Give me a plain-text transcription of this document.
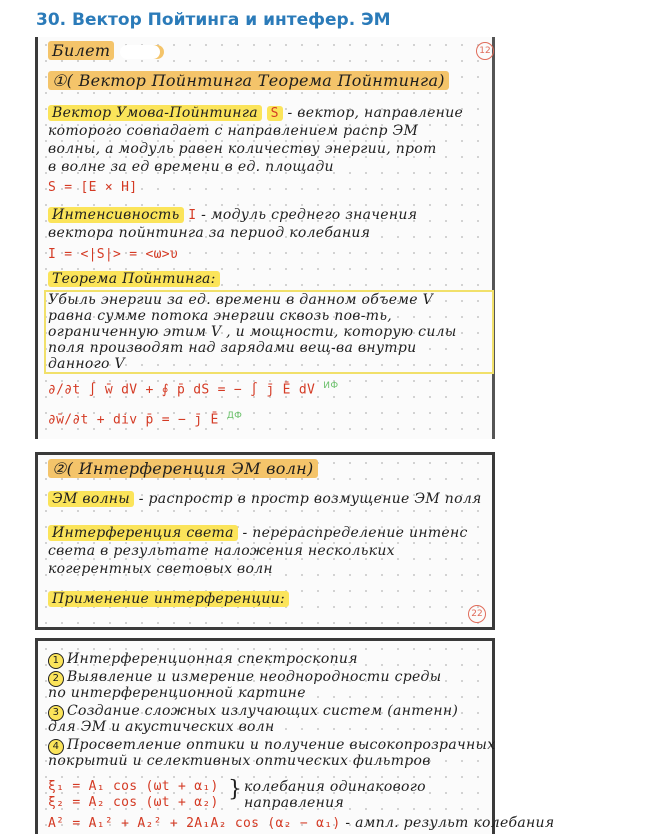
30. Вектор Пойтинга и интефер. ЭМ
Билет	12
①( Вектор Пойнтинга Теорема Пойнтинга)
Вектор Умова-Пойнтинга S - вектор, направление
которого совпадает с направлением распр ЭМ
волны, а модуль равен количеству энергии, прот
в волне за ед времени в ед. площади
S = [E × H]
Интенсивность I - модуль среднего значения
вектора пойнтинга за период колебания
I = <|S|> = <ω>υ
Теорема Пойнтинга:
Убыль энергии за ед. времени в данном объеме V
равна сумме потока энергии сквозь пов-ть,
ограниченную этим V , и мощности, которую силы
поля производят над зарядами вещ-ва внутри
данного V
∂/∂t ∫ w̄ dV + ∮ p̄ dS = − ∫ j̄ Ē dV $^{ИФ}$
∂w̄/∂t + div p̄ = − j̄ Ē $^{ДФ}$
②( Интерференция ЭМ волн)
ЭМ волны - распростр в простр возмущение ЭМ поля
Интерференция света - перераспределение интенс
света в результате наложения нескольких
когерентных световых волн
Применение интерференции:
22
1 Интерференционная спектроскопия
2 Выявление и измерение неоднородности среды
по интерференционной картине
3 Создание сложных излучающих систем (антенн)
для ЭМ и акустических волн
4 Просветление оптики и получение высокопрозрачных
покрытий и селективных оптических фильтров
ξ₁ = A₁ cos (ωt + α₁)
ξ₂ = A₂ cos (ωt + α₂)
} колебания одинакового
направления
A² = A₁² + A₂² + 2A₁A₂ cos (α₂ − α₁) - ампл. результ колебания
